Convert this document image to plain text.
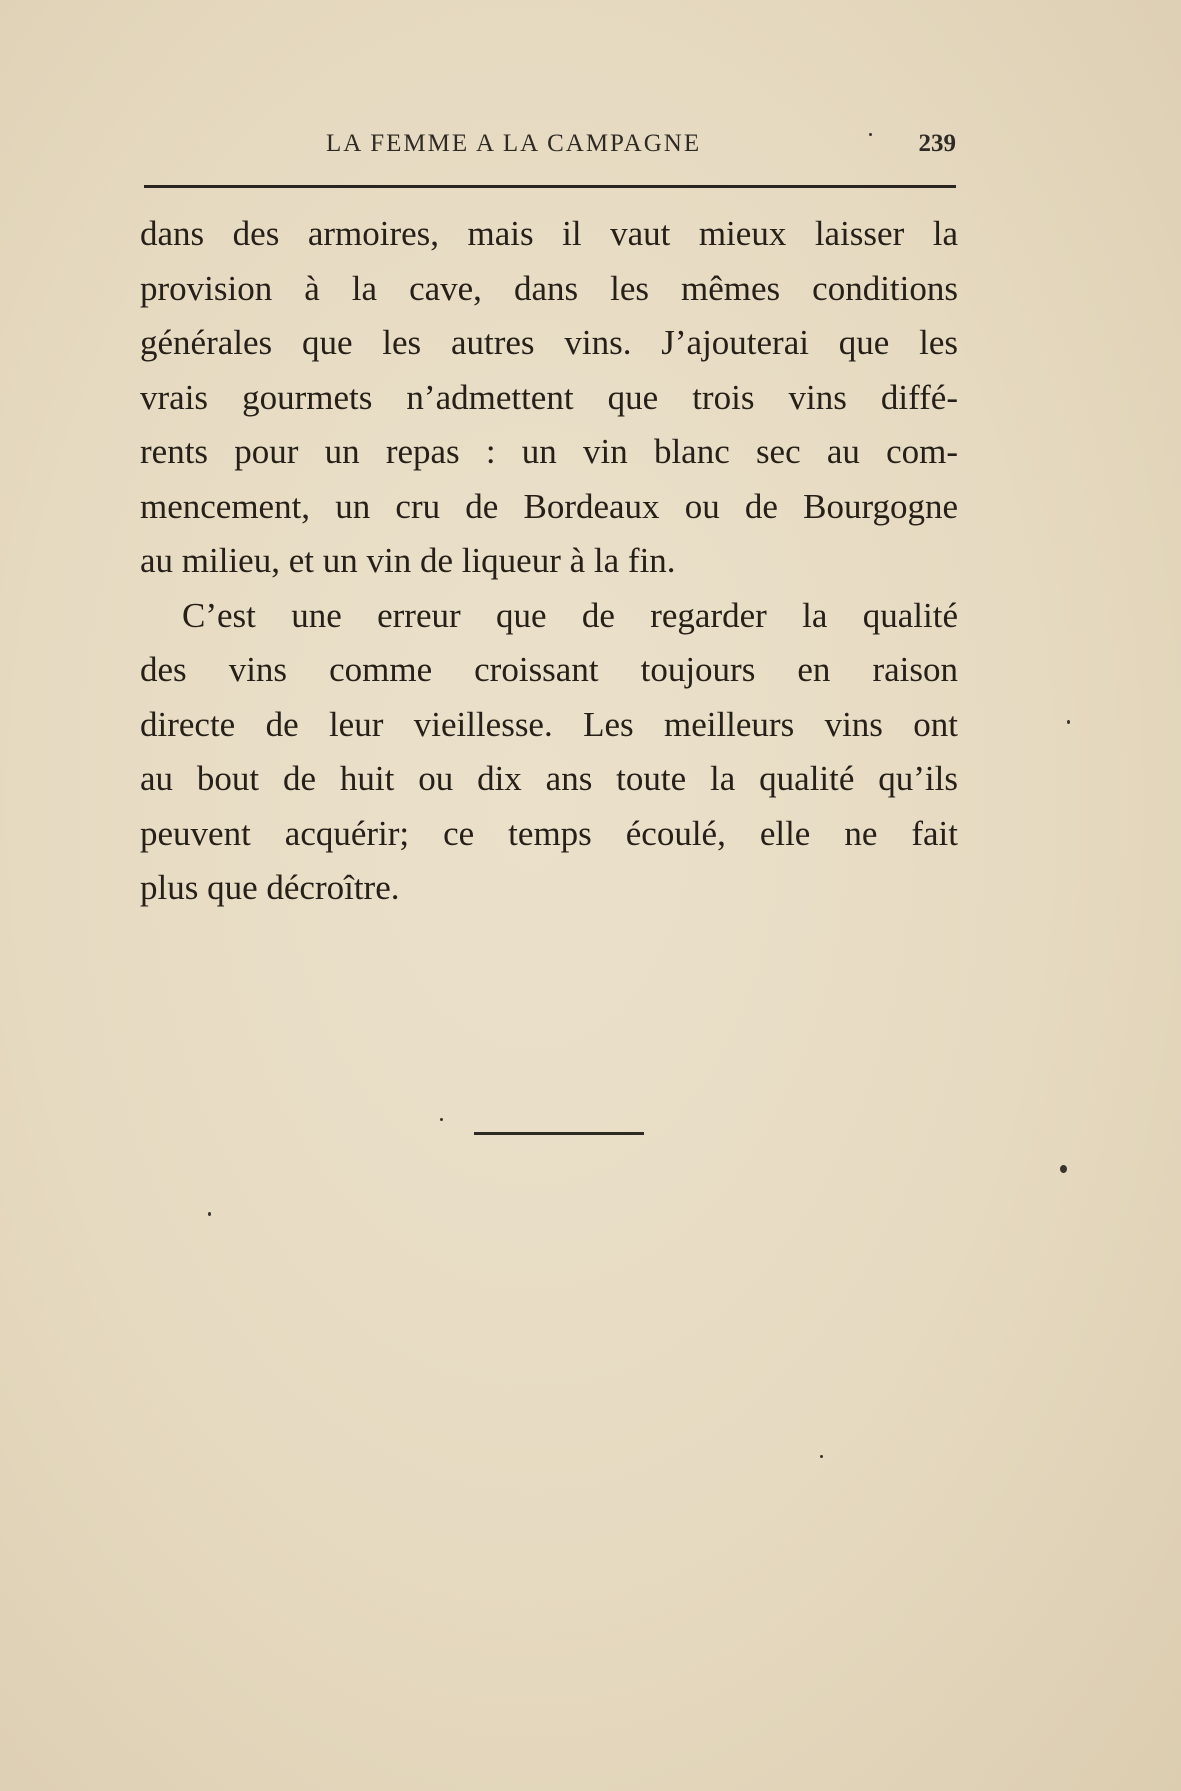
LA FEMME A LA CAMPAGNE	239
dans des armoires, mais il vaut mieux laisser la
provision à la cave, dans les mêmes conditions
générales que les autres vins. J’ajouterai que les
vrais gourmets n’admettent que trois vins diffé-
rents pour un repas : un vin blanc sec au com-
mencement, un cru de Bordeaux ou de Bourgogne
au milieu, et un vin de liqueur à la fin.
C’est une erreur que de regarder la qualité
des vins comme croissant toujours en raison
directe de leur vieillesse. Les meilleurs vins ont
au bout de huit ou dix ans toute la qualité qu’ils
peuvent acquérir; ce temps écoulé, elle ne fait
plus que décroître.
